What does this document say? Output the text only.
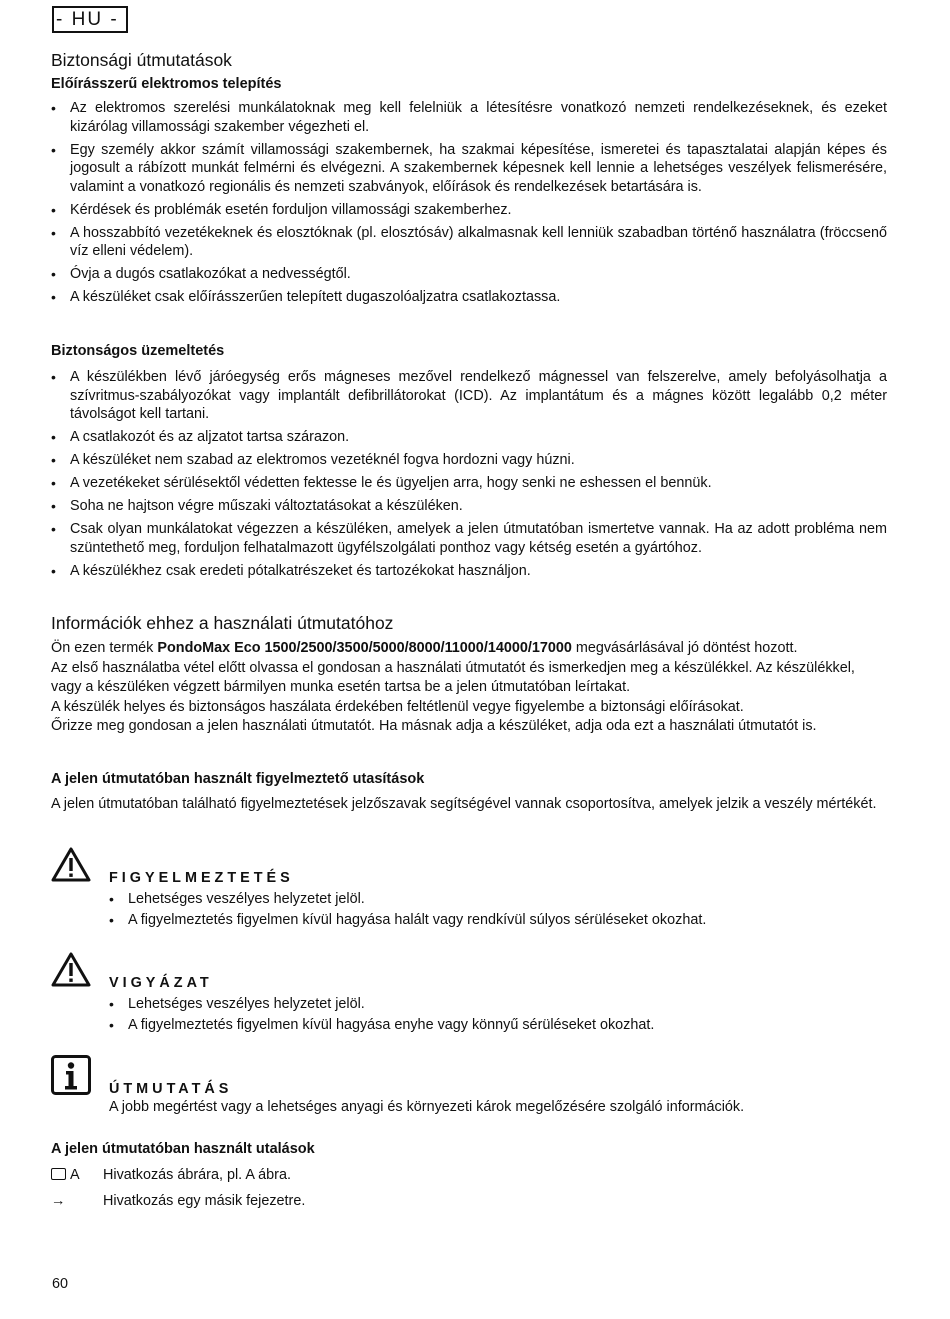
- HU -
Biztonsági útmutatások
Előírásszerű elektromos telepítés
• Az elektromos szerelési munkálatoknak meg kell felelniük a létesítésre vonatkozó nemzeti rendelkezéseknek, és ezeket kizárólag villamossági szakember végezheti el.
• Egy személy akkor számít villamossági szakembernek, ha szakmai képesítése, ismeretei és tapasztalatai alapján képes és jogosult a rábízott munkát felmérni és elvégezni. A szakembernek képesnek kell lennie a lehetséges veszélyek felismerésére, valamint a vonatkozó regionális és nemzeti szabványok, előírások és rendelkezések betartására is.
• Kérdések és problémák esetén forduljon villamossági szakemberhez.
• A hosszabbító vezetékeknek és elosztóknak (pl. elosztósáv) alkalmasnak kell lenniük szabadban történő használatra (fröccsenő víz elleni védelem).
• Óvja a dugós csatlakozókat a nedvességtől.
• A készüléket csak előírásszerűen telepített dugaszolóaljzatra csatlakoztassa.
Biztonságos üzemeltetés
• A készülékben lévő járóegység erős mágneses mezővel rendelkező mágnessel van felszerelve, amely befolyásolhatja a szívritmus-szabályozókat vagy implantált defibrillátorokat (ICD). Az implantátum és a mágnes között legalább 0,2 méter távolságot kell tartani.
• A csatlakozót és az aljzatot tartsa szárazon.
• A készüléket nem szabad az elektromos vezetéknél fogva hordozni vagy húzni.
• A vezetékeket sérülésektől védetten fektesse le és ügyeljen arra, hogy senki ne eshessen el bennük.
• Soha ne hajtson végre műszaki változtatásokat a készüléken.
• Csak olyan munkálatokat végezzen a készüléken, amelyek a jelen útmutatóban ismertetve vannak. Ha az adott probléma nem szüntethető meg, forduljon felhatalmazott ügyfélszolgálati ponthoz vagy kétség esetén a gyártóhoz.
• A készülékhez csak eredeti pótalkatrészeket és tartozékokat használjon.
Információk ehhez a használati útmutatóhoz

Ön ezen termék PondoMax Eco 1500/2500/3500/5000/8000/11000/14000/17000 megvásárlásával jó döntést hozott.

Az első használatba vétel előtt olvassa el gondosan a használati útmutatót és ismerkedjen meg a készülékkel. Az készülékkel, vagy a készüléken végzett bármilyen munka esetén tartsa be a jelen útmutatóban leírtakat.

A készülék helyes és biztonságos haszálata érdekében feltétlenül vegye figyelembe a biztonsági előírásokat.

Őrizze meg gondosan a jelen használati útmutatót. Ha másnak adja a készüléket, adja oda ezt a használati útmutatót is.

A jelen útmutatóban használt figyelmeztető utasítások

A jelen útmutatóban található figyelmeztetések jelzőszavak segítségével vannak csoportosítva, amelyek jelzik a veszély mértékét.

FIGYELMEZTETÉS
• Lehetséges veszélyes helyzetet jelöl.
• A figyelmeztetés figyelmen kívül hagyása halált vagy rendkívül súlyos sérüléseket okozhat.
VIGYÁZAT
• Lehetséges veszélyes helyzetet jelöl.
• A figyelmeztetés figyelmen kívül hagyása enyhe vagy könnyű sérüléseket okozhat.
ÚTMUTATÁS
A jobb megértést vagy a lehetséges anyagi és környezeti károk megelőzésére szolgáló információk.
A jelen útmutatóban használt utalások
A	Hivatkozás ábrára, pl. A ábra.
→	Hivatkozás egy másik fejezetre.
60
